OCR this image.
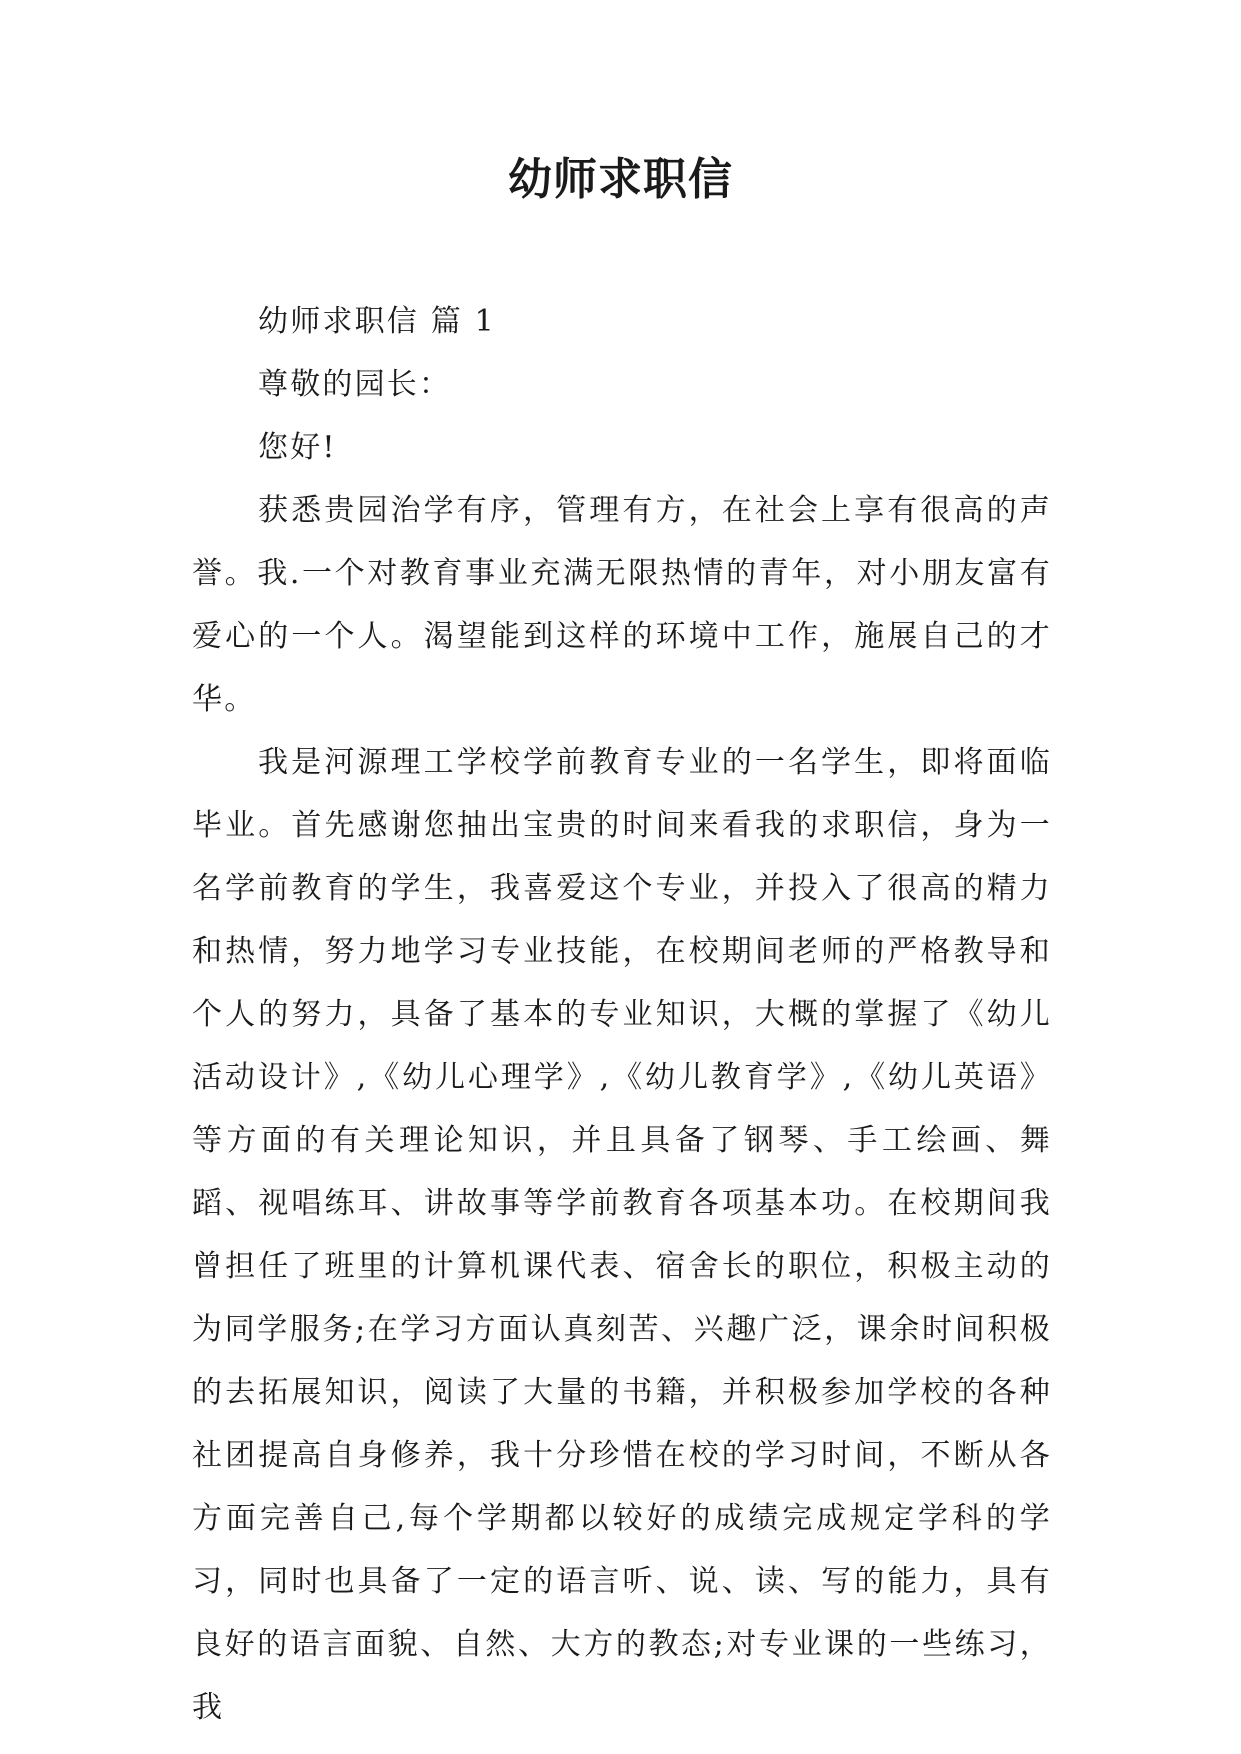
幼师求职信

幼师求职信 篇 1

尊敬的园长：

您好!

获悉贵园治学有序，管理有方，在社会上享有很高的声誉。我.一个对教育事业充满无限热情的青年，对小朋友富有爱心的一个人。渴望能到这样的环境中工作，施展自己的才华。

我是河源理工学校学前教育专业的一名学生，即将面临毕业。首先感谢您抽出宝贵的时间来看我的求职信，身为一名学前教育的学生，我喜爱这个专业，并投入了很高的精力和热情，努力地学习专业技能，在校期间老师的严格教导和个人的努力，具备了基本的专业知识，大概的掌握了《幼儿活动设计》,《幼儿心理学》,《幼儿教育学》,《幼儿英语》等方面的有关理论知识，并且具备了钢琴、手工绘画、舞蹈、视唱练耳、讲故事等学前教育各项基本功。在校期间我曾担任了班里的计算机课代表、宿舍长的职位，积极主动的为同学服务;在学习方面认真刻苦、兴趣广泛，课余时间积极的去拓展知识，阅读了大量的书籍，并积极参加学校的各种社团提高自身修养，我十分珍惜在校的学习时间，不断从各方面完善自己,每个学期都以较好的成绩完成规定学科的学习，同时也具备了一定的语言听、说、读、写的能力，具有良好的语言面貌、自然、大方的教态;对专业课的一些练习，我
